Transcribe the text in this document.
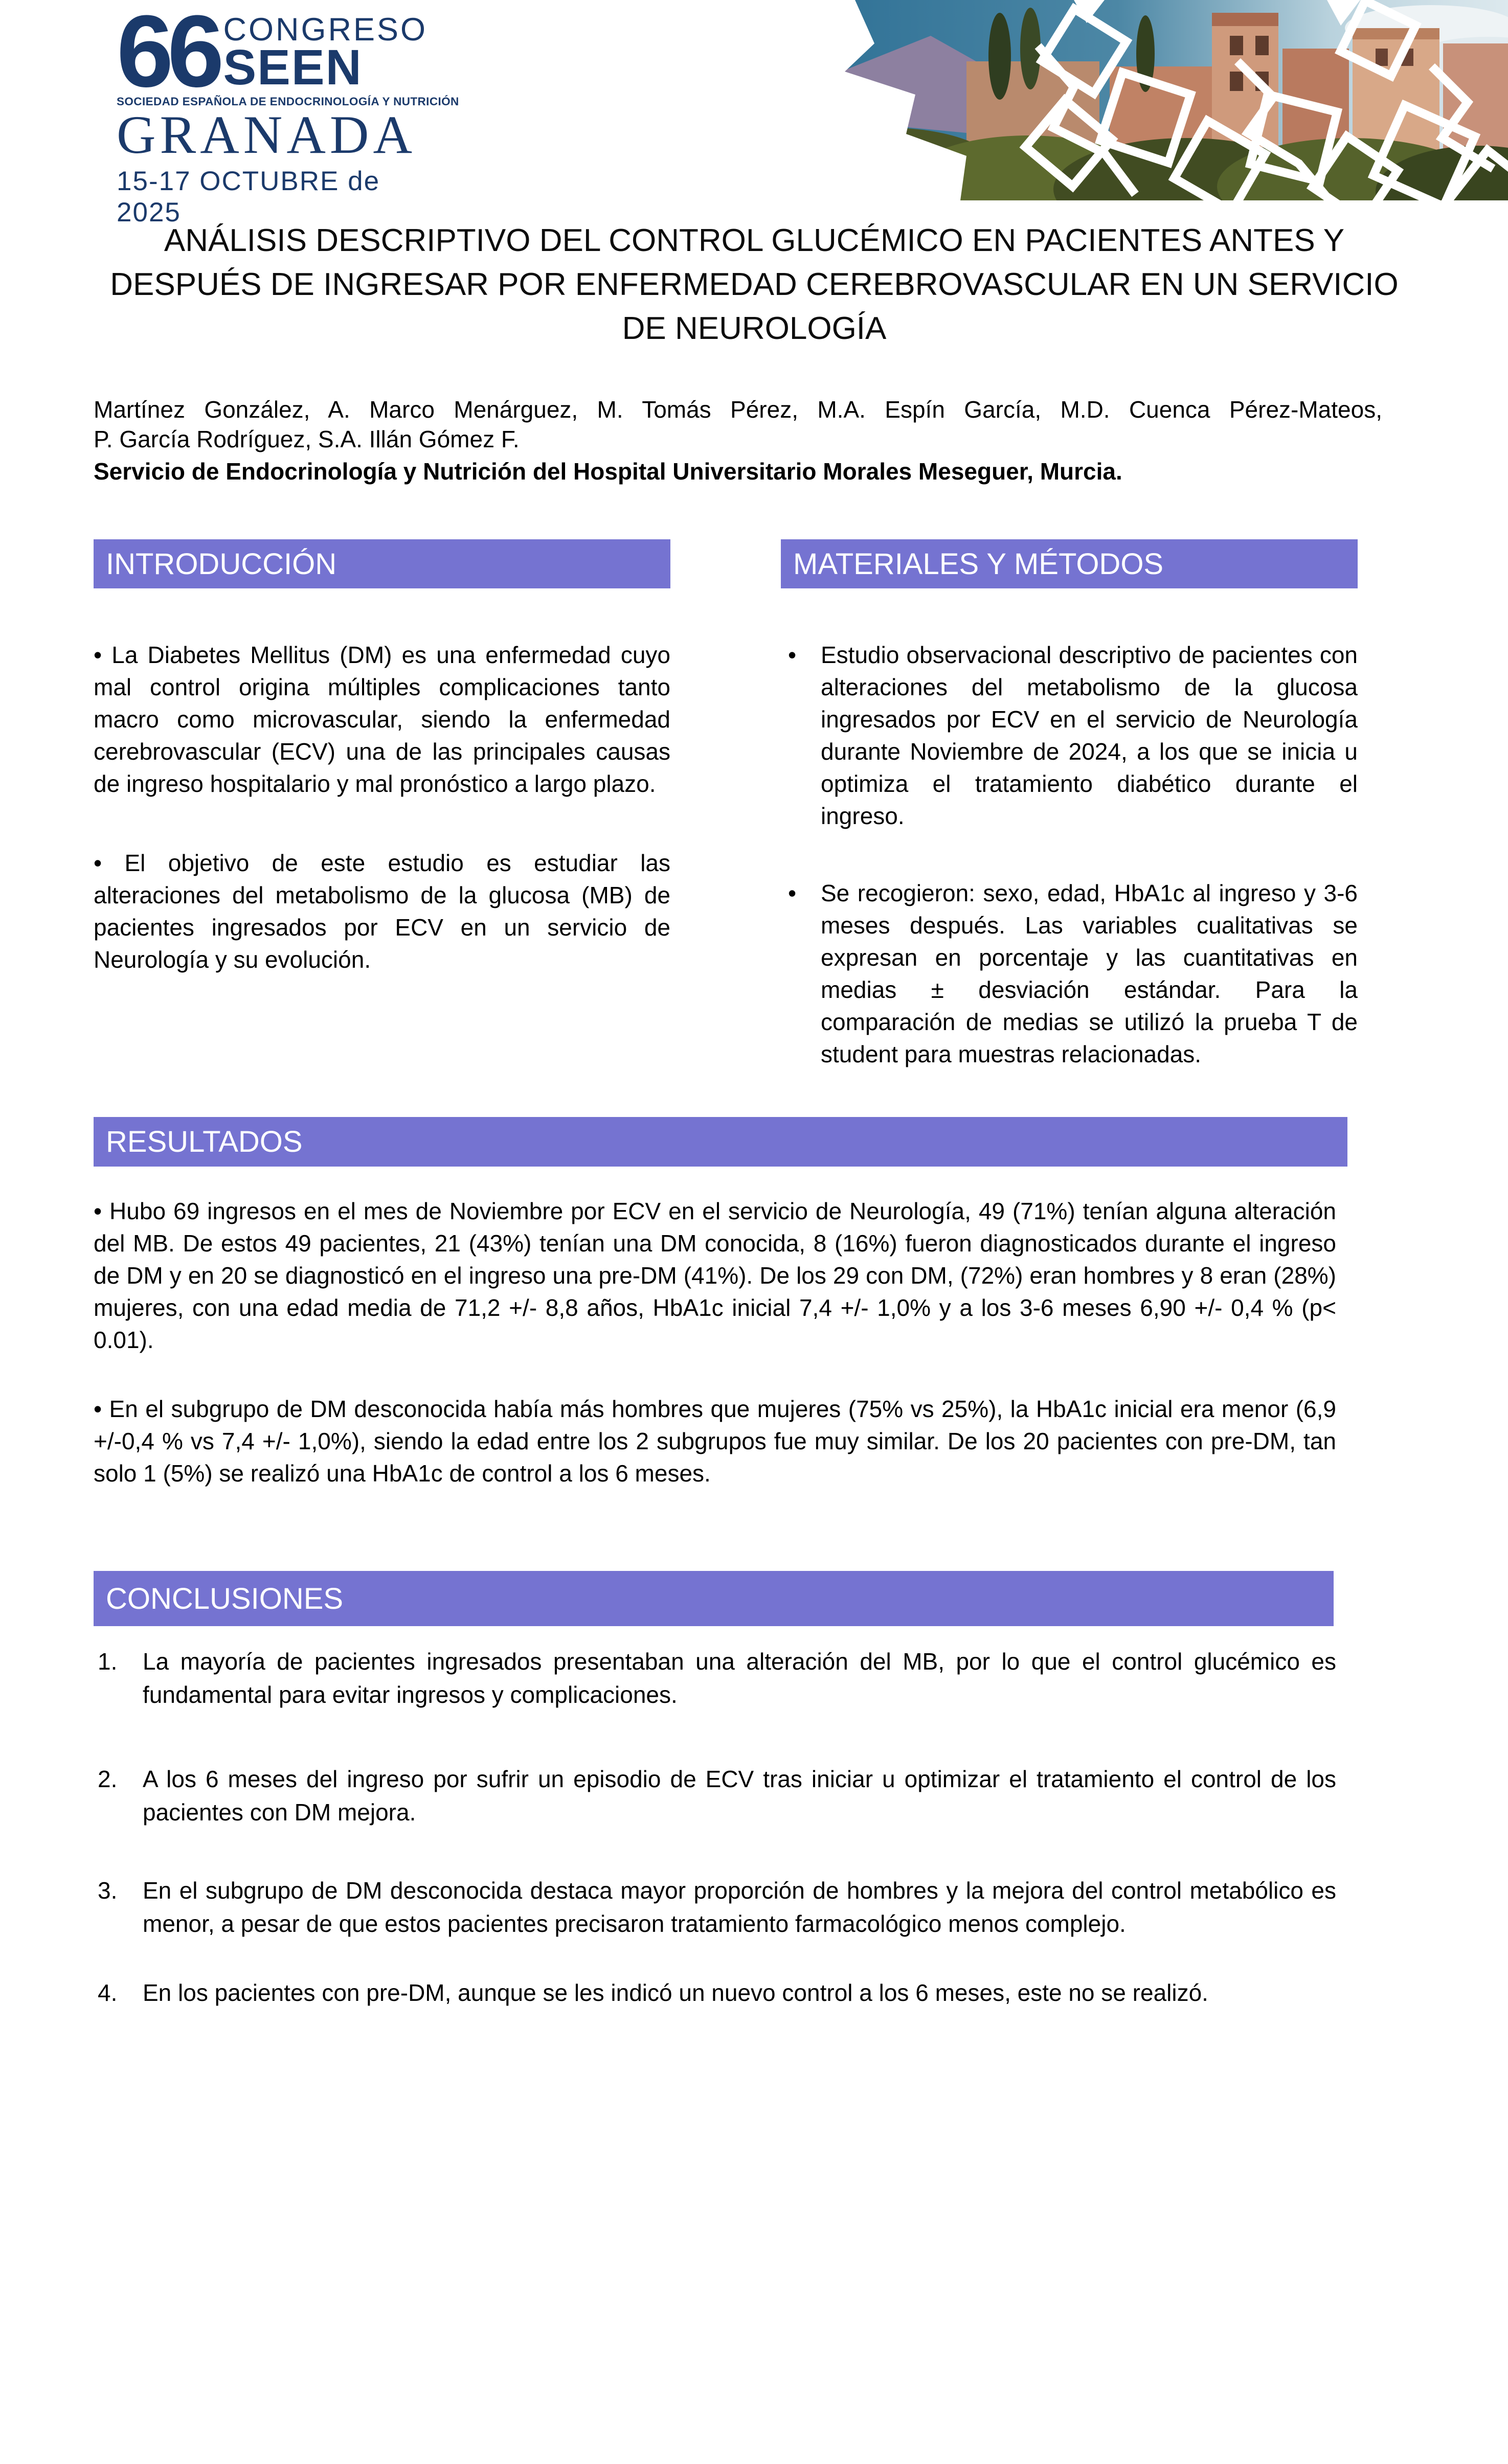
66 CONGRESO
SEEN
SOCIEDAD ESPAÑOLA DE ENDOCRINOLOGÍA Y NUTRICIÓN
GRANADA
15-17 OCTUBRE de 2025
ANÁLISIS DESCRIPTIVO DEL CONTROL GLUCÉMICO EN PACIENTES ANTES Y
DESPUÉS DE INGRESAR POR ENFERMEDAD CEREBROVASCULAR EN UN SERVICIO
DE NEUROLOGÍA
Martínez González, A. Marco Menárguez, M. Tomás Pérez, M.A. Espín García, M.D. Cuenca Pérez-Mateos,
P. García Rodríguez, S.A. Illán Gómez F.
Servicio de Endocrinología y Nutrición del Hospital Universitario Morales Meseguer, Murcia.
INTRODUCCIÓN	MATERIALES Y MÉTODOS

• La Diabetes Mellitus (DM) es una enfermedad cuyo mal control origina múltiples complicaciones tanto macro como microvascular, siendo la enfermedad cerebrovascular (ECV) una de las principales causas de ingreso hospitalario y mal pronóstico a largo plazo.

• El objetivo de este estudio es estudiar las alteraciones del metabolismo de la glucosa (MB) de pacientes ingresados por ECV en un servicio de Neurología y su evolución.

• Estudio observacional descriptivo de pacientes con alteraciones del metabolismo de la glucosa ingresados por ECV en el servicio de Neurología durante Noviembre de 2024, a los que se inicia u optimiza el tratamiento diabético durante el ingreso.
• Se recogieron: sexo, edad, HbA1c al ingreso y 3-6 meses después. Las variables cualitativas se expresan en porcentaje y las cuantitativas en medias ± desviación estándar. Para la comparación de medias se utilizó la prueba T de student para muestras relacionadas.
RESULTADOS

• Hubo 69 ingresos en el mes de Noviembre por ECV en el servicio de Neurología, 49 (71%) tenían alguna alteración del MB. De estos 49 pacientes, 21 (43%) tenían una DM conocida, 8 (16%) fueron diagnosticados durante el ingreso de DM y en 20 se diagnosticó en el ingreso una pre-DM (41%). De los 29 con DM, (72%) eran hombres y 8 eran (28%) mujeres, con una edad media de 71,2 +/- 8,8 años, HbA1c inicial 7,4 +/- 1,0% y a los 3-6 meses 6,90 +/- 0,4 % (p< 0.01).

• En el subgrupo de DM desconocida había más hombres que mujeres (75% vs 25%), la HbA1c inicial era menor (6,9 +/-0,4 % vs 7,4 +/- 1,0%), siendo la edad entre los 2 subgrupos fue muy similar. De los 20 pacientes con pre-DM, tan solo 1 (5%) se realizó una HbA1c de control a los 6 meses.

CONCLUSIONES
1. La mayoría de pacientes ingresados presentaban una alteración del MB, por lo que el control glucémico es fundamental para evitar ingresos y complicaciones.
2. A los 6 meses del ingreso por sufrir un episodio de ECV tras iniciar u optimizar el tratamiento el control de los pacientes con DM mejora.
3. En el subgrupo de DM desconocida destaca mayor proporción de hombres y la mejora del control metabólico es menor, a pesar de que estos pacientes precisaron tratamiento farmacológico menos complejo.
4. En los pacientes con pre-DM, aunque se les indicó un nuevo control a los 6 meses, este no se realizó.
